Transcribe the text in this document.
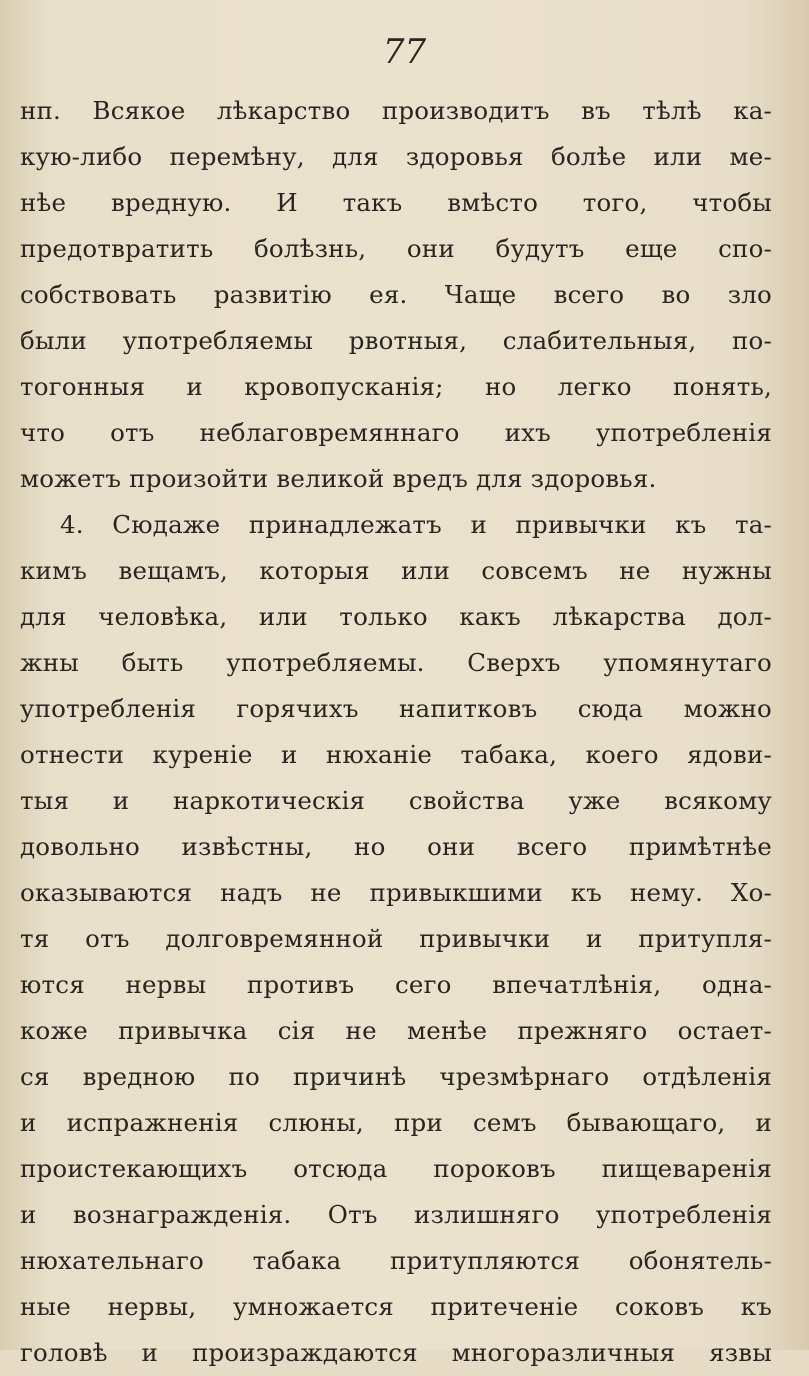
77
нп. Всякое лѣкарство производитъ въ тѣлѣ ка-
кую-либо перемѣну, для здоровья болѣе или ме-
нѣе вредную. И такъ вмѣсто того, чтобы
предотвратить болѣзнь, они будутъ еще спо-
собствовать развитію ея. Чаще всего во зло
были употребляемы рвотныя, слабительныя, по-
тогонныя и кровопусканія; но легко понять,
что отъ неблаговремяннаго ихъ употребленія
можетъ произойти великой вредъ для здоровья.
4. Сюдаже принадлежатъ и привычки къ та-
кимъ вещамъ, которыя или совсемъ не нужны
для человѣка, или только какъ лѣкарства дол-
жны быть употребляемы. Сверхъ упомянутаго
употребленія горячихъ напитковъ сюда можно
отнести куреніе и нюханіе табака, коего ядови-
тыя и наркотическія свойства уже всякому
довольно извѣстны, но они всего примѣтнѣе
оказываются надъ не привыкшими къ нему. Хо-
тя отъ долговремянной привычки и притупля-
ются нервы противъ сего впечатлѣнія, одна-
коже привычка сія не менѣе прежняго остает-
ся вредною по причинѣ чрезмѣрнаго отдѣленія
и испражненія слюны, при семъ бывающаго, и
проистекающихъ отсюда пороковъ пищеваренія
и вознагражденія. Отъ излишняго употребленія
нюхательнаго табака притупляются обонятель-
ные нервы, умножается притеченіе соковъ къ
головѣ и произраждаются многоразличныя язвы
